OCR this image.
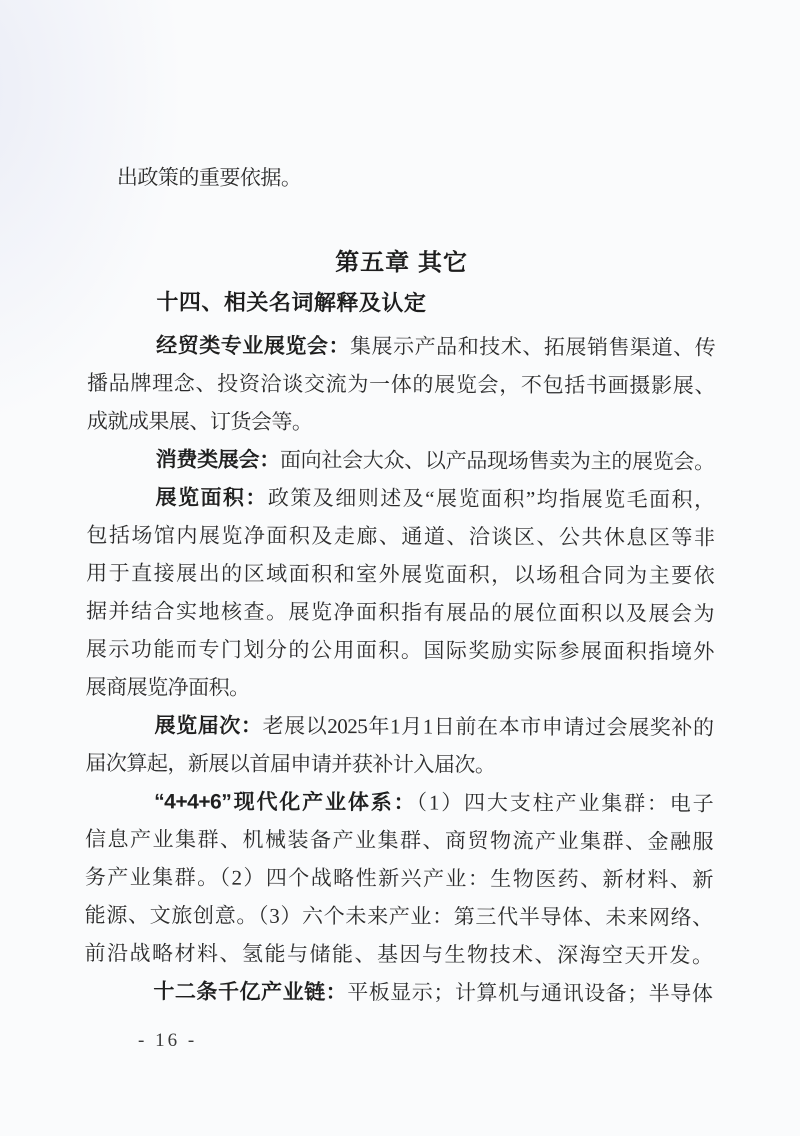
出政策的重要依据。
第五章 其它
十四、相关名词解释及认定
经贸类专业展览会：集展示产品和技术、拓展销售渠道、传
播品牌理念、投资洽谈交流为一体的展览会，不包括书画摄影展、
成就成果展、订货会等。
消费类展会：面向社会大众、以产品现场售卖为主的展览会。
展览面积：政策及细则述及“展览面积”均指展览毛面积，
包括场馆内展览净面积及走廊、通道、洽谈区、公共休息区等非
用于直接展出的区域面积和室外展览面积，以场租合同为主要依
据并结合实地核查。展览净面积指有展品的展位面积以及展会为
展示功能而专门划分的公用面积。国际奖励实际参展面积指境外
展商展览净面积。
展览届次：老展以2025年1月1日前在本市申请过会展奖补的
届次算起，新展以首届申请并获补计入届次。
“4+4+6”现代化产业体系：（1）四大支柱产业集群：电子
信息产业集群、机械装备产业集群、商贸物流产业集群、金融服
务产业集群。（2）四个战略性新兴产业：生物医药、新材料、新
能源、文旅创意。（3）六个未来产业：第三代半导体、未来网络、
前沿战略材料、氢能与储能、基因与生物技术、深海空天开发。
十二条千亿产业链：平板显示；计算机与通讯设备；半导体
- 16 -
